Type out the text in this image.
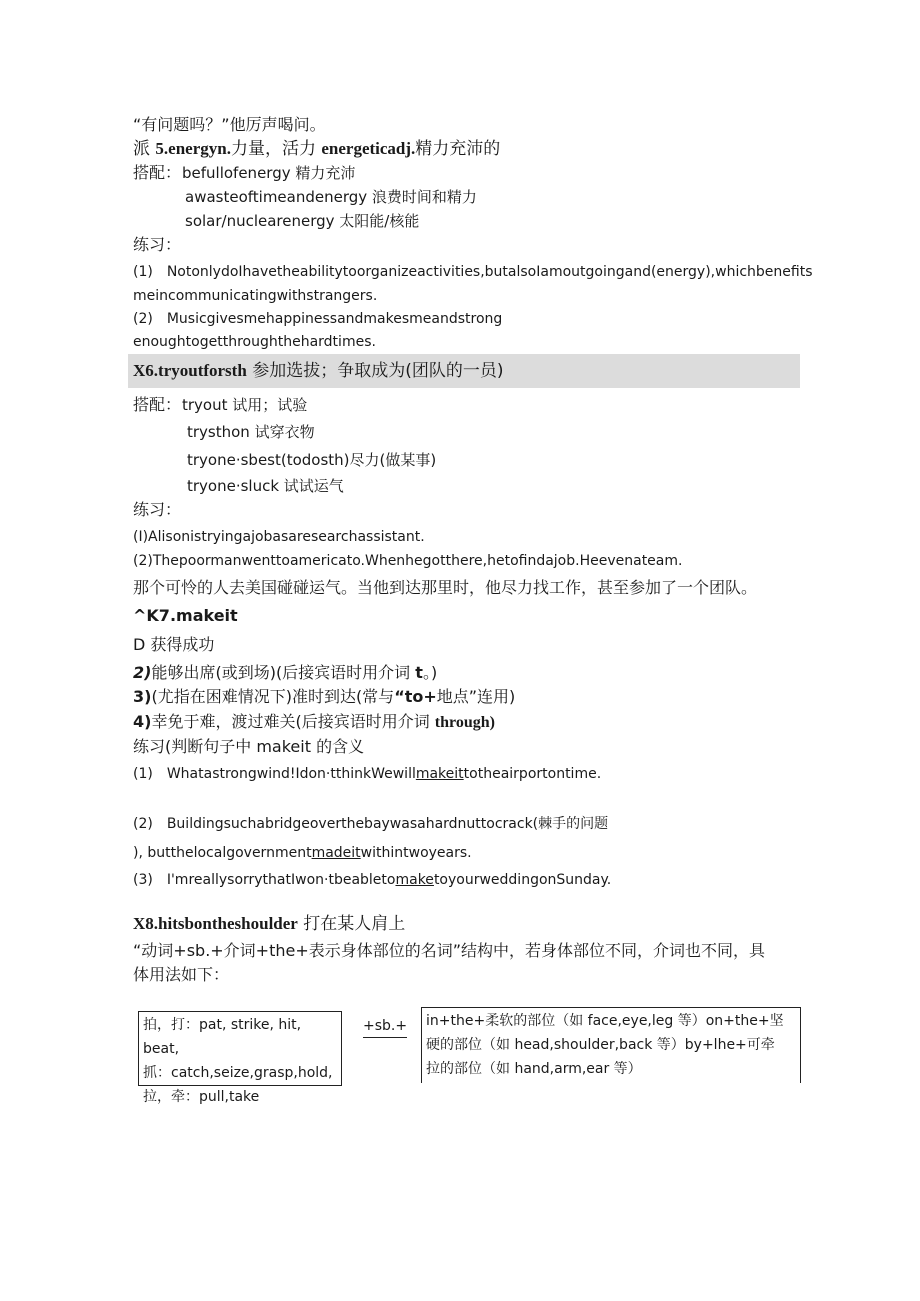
“有问题吗？”他厉声喝问。
派 5.energyn.力量，活力 energeticadj.精力充沛的
搭配： befullofenergy 精力充沛
awasteoftimeandenergy 浪费时间和精力
solar/nuclearenergy 太阳能/核能
练习：
(1)　NotonlydoIhavetheabilitytoorganizeactivities,butalsoIamoutgoingand(energy),whichbenefits
meincommunicatingwithstrangers.
(2)　Musicgivesmehappinessandmakesmeandstrong
enoughtogetthroughthehardtimes.
X6.tryoutforsth 参加选拔；争取成为(团队的一员)
搭配： tryout 试用；试验
trysthon 试穿衣物
tryone·sbest(todosth)尽力(做某事)
tryone·sluck 试试运气
练习：
(I)Alisonistryingajobasaresearchassistant.
(2)Thepoormanwenttoamericato.Whenhegotthere,hetofindajob.Heevenateam.
那个可怜的人去美国碰碰运气。当他到达那里时，他尽力找工作，甚至参加了一个团队。
^K7.makeit
D 获得成功
2)能够出席(或到场)(后接宾语时用介词 t。)
3)(尤指在困难情况下)准时到达(常与“to+地点”连用)
4)幸免于难，渡过难关(后接宾语时用介词 through)
练习(判断句子中 makeit 的含义
(1)　Whatastrongwind!Idon·tthinkWewillmakeittotheairportontime.
(2)　Buildingsuchabridgeoverthebaywasahardnuttocrack(棘手的问题
), butthelocalgovernmentmadeitwithintwoyears.
(3)　I'mreallysorrythatIwon·tbeabletomaketoyourweddingonSunday.
X8.hitsbontheshoulder 打在某人肩上
“动词+sb.+介词+the+表示身体部位的名词”结构中，若身体部位不同，介词也不同，具
体用法如下：
拍，打：pat, strike, hit, beat,
抓：catch,seize,grasp,hold,
拉，牵：pull,take
+sb.+ in+the+柔软的部位（如 face,eye,leg 等）on+the+坚
硬的部位（如 head,shoulder,back 等）by+lhe+可牵
拉的部位（如 hand,arm,ear 等）
